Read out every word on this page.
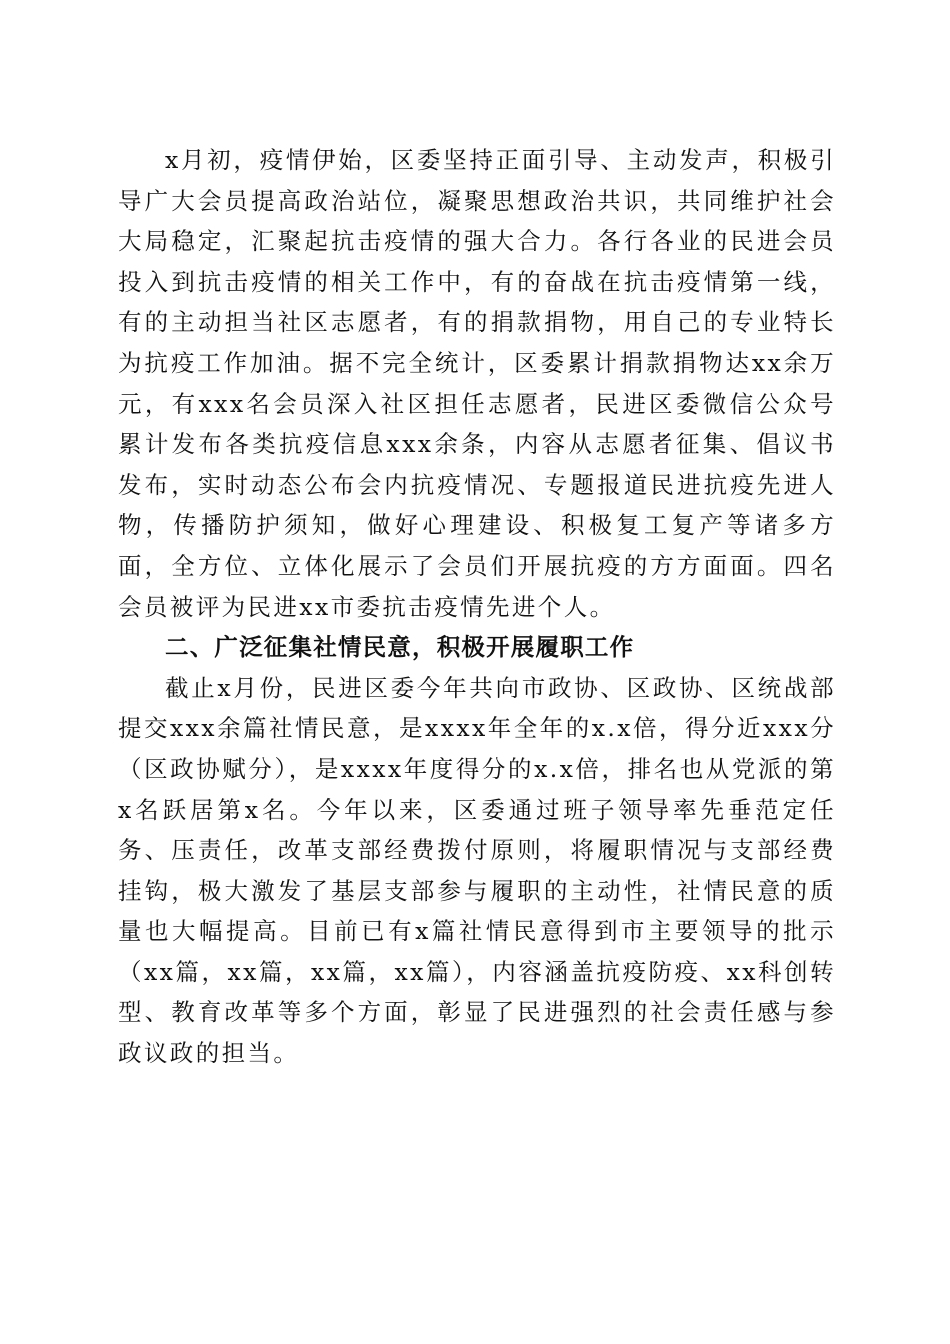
x月初，疫情伊始，区委坚持正面引导、主动发声，积极引导广大会员提高政治站位，凝聚思想政治共识，共同维护社会大局稳定，汇聚起抗击疫情的强大合力。各行各业的民进会员投入到抗击疫情的相关工作中，有的奋战在抗击疫情第一线，有的主动担当社区志愿者，有的捐款捐物，用自己的专业特长为抗疫工作加油。据不完全统计，区委累计捐款捐物达xx余万元，有xxx名会员深入社区担任志愿者，民进区委微信公众号累计发布各类抗疫信息xxx余条，内容从志愿者征集、倡议书发布，实时动态公布会内抗疫情况、专题报道民进抗疫先进人物，传播防护须知，做好心理建设、积极复工复产等诸多方面，全方位、立体化展示了会员们开展抗疫的方方面面。四名会员被评为民进xx市委抗击疫情先进个人。

二、广泛征集社情民意，积极开展履职工作

截止x月份，民进区委今年共向市政协、区政协、区统战部提交xxx余篇社情民意，是xxxx年全年的x.x倍，得分近xxx分（区政协赋分），是xxxx年度得分的x.x倍，排名也从党派的第x名跃居第x名。今年以来，区委通过班子领导率先垂范定任务、压责任，改革支部经费拨付原则，将履职情况与支部经费挂钩，极大激发了基层支部参与履职的主动性，社情民意的质量也大幅提高。目前已有x篇社情民意得到市主要领导的批示（xx篇，xx篇，xx篇，xx篇），内容涵盖抗疫防疫、xx科创转型、教育改革等多个方面，彰显了民进强烈的社会责任感与参政议政的担当。
